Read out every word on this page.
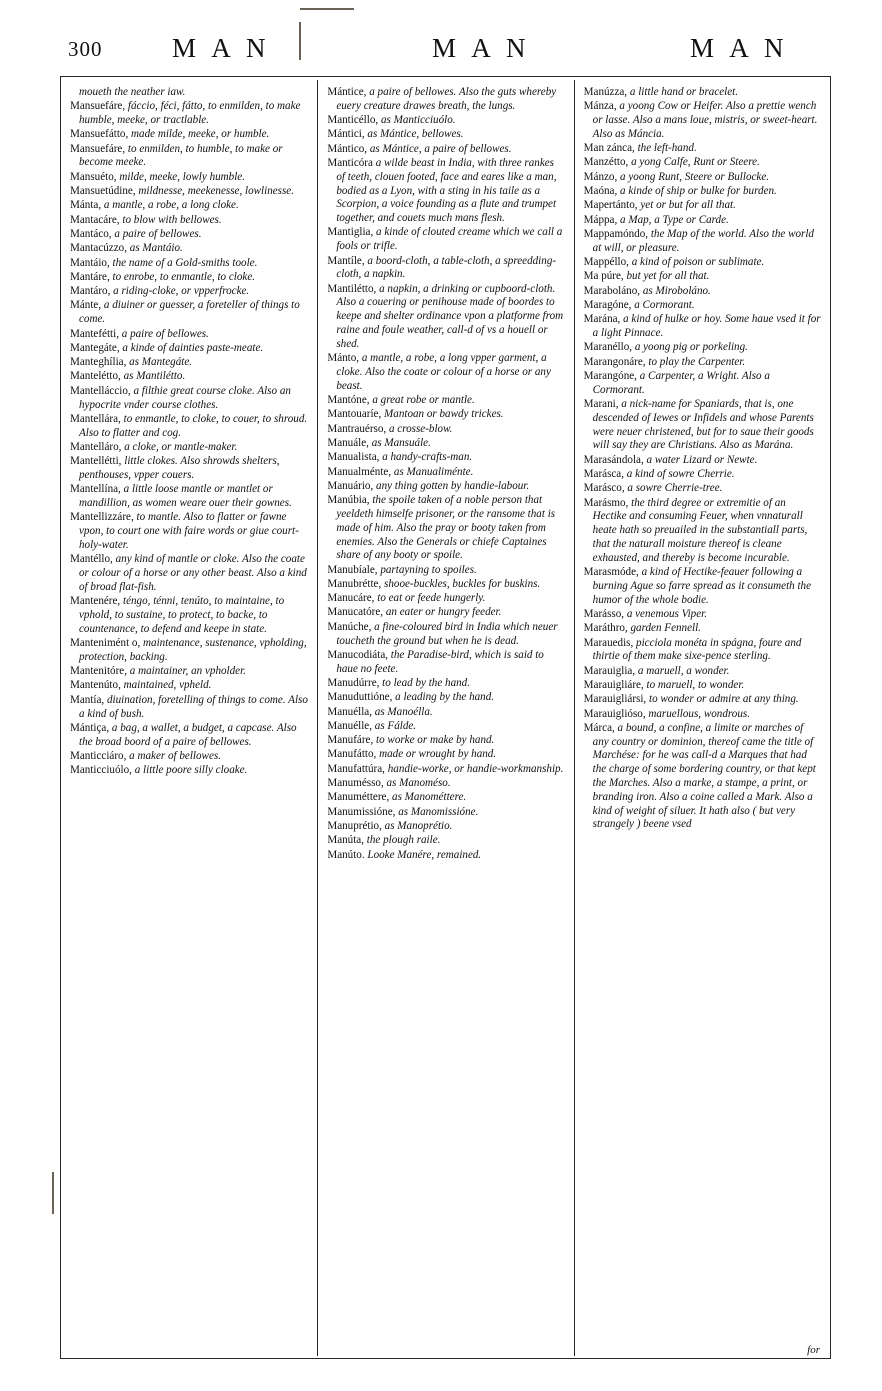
300	M A N	M A N	M A N

moueth the neather iaw.

Mansuefáre, fáccio, féci, fátto, to enmilden, to make humble, meeke, or tractlable.

Mansuefátto, made milde, meeke, or humble.

Mansuefáre, to enmilden, to humble, to make or become meeke.

Mansuéto, milde, meeke, lowly humble.

Mansuetúdine, mildnesse, meekenesse, lowlinesse.

Mánta, a mantle, a robe, a long cloke.

Mantacáre, to blow with bellowes.

Mantáco, a paire of bellowes.

Mantacúzzo, as Mantáio.

Mantáio, the name of a Gold-smiths toole.

Mantáre, to enrobe, to enmantle, to cloke.

Mantáro, a riding-cloke, or vpperfrocke.

Mánte, a diuiner or guesser, a foreteller of things to come.

Mantefétti, a paire of bellowes.

Mantegáte, a kinde of dainties paste-meate.

Manteghília, as Mantegáte.

Mantelétto, as Mantilétto.

Mantelláccio, a filthie great course cloke. Also an hypocrite vnder course clothes.

Mantellára, to enmantle, to cloke, to couer, to shroud. Also to flatter and cog.

Mantelláro, a cloke, or mantle-maker.

Mantellétti, little clokes. Also shrowds shelters, penthouses, vpper couers.

Mantellína, a little loose mantle or mantlet or mandillion, as women weare ouer their gownes.

Mantellizzáre, to mantle. Also to flatter or fawne vpon, to court one with faire words or giue court-holy-water.

Mantéllo, any kind of mantle or cloke. Also the coate or colour of a horse or any other beast. Also a kind of broad flat-fish.

Mantenére, téngo, ténni, tenúto, to maintaine, to vphold, to sustaine, to protect, to backe, to countenance, to defend and keepe in state.

Mantenimént o, maintenance, sustenance, vpholding, protection, backing.

Mantenitóre, a maintainer, an vpholder.

Mantenúto, maintained, vpheld.

Mantía, diuination, foretelling of things to come. Also a kind of bush.

Mántiça, a bag, a wallet, a budget, a capcase. Also the broad boord of a paire of bellowes.

Manticciáro, a maker of bellowes.

Manticciuólo, a little poore silly cloake.

Mántice, a paire of bellowes. Also the guts whereby euery creature drawes breath, the lungs.

Manticéllo, as Manticciuólo.

Mántici, as Mántice, bellowes.

Mántico, as Mántice, a paire of bellowes.

Manticóra a wilde beast in India, with three rankes of teeth, clouen footed, face and eares like a man, bodied as a Lyon, with a sting in his taile as a Scorpion, a voice founding as a flute and trumpet together, and couets much mans flesh.

Mantiglia, a kinde of clouted creame which we call a fools or trifle.

Mantíle, a boord-cloth, a table-cloth, a spreedding-cloth, a napkin.

Mantilétto, a napkin, a drinking or cupboord-cloth. Also a couering or penihouse made of boordes to keepe and shelter ordinance vpon a platforme from raine and foule weather, call-d of vs a houell or shed.

Mánto, a mantle, a robe, a long vpper garment, a cloke. Also the coate or colour of a horse or any beast.

Mantóne, a great robe or mantle.

Mantouaríe, Mantoan or bawdy trickes.

Mantrauérso, a crosse-blow.

Manuále, as Mansuále.

Manualista, a handy-crafts-man.

Manualménte, as Manualiménte.

Manuário, any thing gotten by handie-labour.

Manúbia, the spoile taken of a noble person that yeeldeth himselfe prisoner, or the ransome that is made of him. Also the pray or booty taken from enemies. Also the Generals or chiefe Captaines share of any booty or spoile.

Manubíale, partayning to spoiles.

Manubrétte, shooe-buckles, buckles for buskins.

Manucáre, to eat or feede hungerly.

Manucatóre, an eater or hungry feeder.

Manúche, a fine-coloured bird in India which neuer toucheth the ground but when he is dead.

Manucodiáta, the Paradise-bird, which is said to haue no feete.

Manudúrre, to lead by the hand.

Manuduttióne, a leading by the hand.

Manuélla, as Manoélla.

Manuélle, as Fálde.

Manufáre, to worke or make by hand.

Manufátto, made or wrought by hand.

Manufattúra, handie-worke, or handie-workmanship.

Manumésso, as Manoméso.

Manuméttere, as Manométtere.

Manumissióne, as Manomissióne.

Manuprétio, as Manoprétio.

Manúta, the plough raile.

Manúto. Looke Manére, remained.

Manúzza, a little hand or bracelet.

Mánza, a yoong Cow or Heifer. Also a prettie wench or lasse. Also a mans loue, mistris, or sweet-heart. Also as Máncia.

Man zánca, the left-hand.

Manzétto, a yong Calfe, Runt or Steere.

Mánzo, a yoong Runt, Steere or Bullocke.

Maóna, a kinde of ship or bulke for burden.

Mapertánto, yet or but for all that.

Máppa, a Map, a Type or Carde.

Mappamóndo, the Map of the world. Also the world at will, or pleasure.

Mappéllo, a kind of poison or sublimate.

Ma púre, but yet for all that.

Maraboláno, as Miroboláno.

Maragóne, a Cormorant.

Marána, a kind of hulke or hoy. Some haue vsed it for a light Pinnace.

Maranéllo, a yoong pig or porkeling.

Marangonáre, to play the Carpenter.

Marangóne, a Carpenter, a Wright. Also a Cormorant.

Marani, a nick-name for Spaniards, that is, one descended of Iewes or Infidels and whose Parents were neuer christened, but for to saue their goods will say they are Christians. Also as Marána.

Marasándola, a water Lizard or Newte.

Marásca, a kind of sowre Cherrie.

Marásco, a sowre Cherrie-tree.

Marásmo, the third degree or extremitie of an Hectike and consuming Feuer, when vnnaturall heate hath so preuailed in the substantiall parts, that the naturall moisture thereof is cleane exhausted, and thereby is become incurable.

Marasmóde, a kind of Hectike-feauer following a burning Ague so farre spread as it consumeth the humor of the whole bodie.

Marásso, a venemous Viper.

Maráthro, garden Fennell.

Marauedis, picciola monéta in spágna, foure and thirtie of them make sixe-pence sterling.

Marauiglia, a maruell, a wonder.

Marauigliáre, to maruell, to wonder.

Marauigliársi, to wonder or admire at any thing.

Marauiglióso, maruellous, wondrous.

Márca, a bound, a confine, a limite or marches of any country or dominion, thereof came the title of Marchése: for he was call-d a Marques that had the charge of some bordering country, or that kept the Marches. Also a marke, a stampe, a print, or branding iron. Also a coine called a Mark. Also a kind of weight of siluer. It hath also ( but very strangely ) beene vsed

for
